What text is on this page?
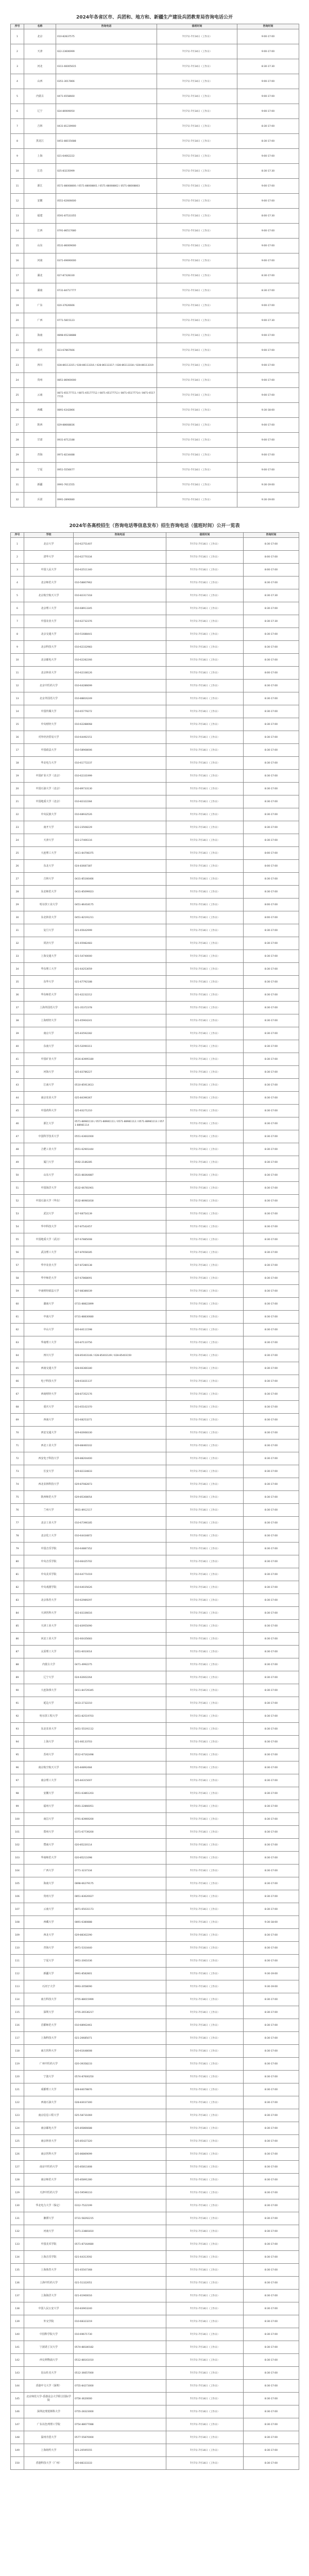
2024年各省区市、兵团和、地方和、新疆生产建设兵团教育局咨询电话公开
序号	名称	咨询电话	值班时间	咨询时间
1	北京	010-82837575	7月7日-7月14日（工作日）	9:00-17:00
2	天津	022-23606999	7月7日-7月14日（工作日）	9:00-17:00
3	河北	0311-66005615	7月7日-7月14日（工作日）	8:30-17:30
4	山西	0351-3017866	7月7日-7月14日（工作日）	9:00-17:00
5	内蒙古	0471-6558660	7月7日-7月14日（工作日）	9:00-17:00
6	辽宁	024-86909050	7月7日-7月14日（工作日）	9:00-17:00
7	吉林	0431-81239900	7月7日-7月14日（工作日）	8:30-17:00
8	黑龙江	0451-88155688	7月7日-7月14日（工作日）	8:30-17:00
9	上海	021-64662222	7月7日-7月14日（工作日）	9:00-17:00
10	江苏	025-83235999	7月7日-7月14日（工作日）	8:30-17:30
11	浙江	0571-88008800 / 0571-88008801 / 0571-88008802 / 0571-88008803	7月7日-7月14日（工作日）	9:00-17:00
12	安徽	0551-62606600	7月7日-7月14日（工作日）	9:00-17:00
13	福建	0591-87533355	7月7日-7月14日（工作日）	8:00-17:30
14	江西	0791-86517680	7月7日-7月14日（工作日）	9:00-17:00
15	山东	0531-86009000	7月7日-7月14日（工作日）	9:00-17:00
16	河南	0371-69690000	7月7日-7月14日（工作日）	9:00-17:00
17	湖北	027-87328330	7月7日-7月14日（工作日）	8:30-17:00
18	湖南	0731-84717777	7月7日-7月14日（工作日）	8:30-17:00
19	广东	020-37626666	7月7日-7月14日（工作日）	9:00-17:00
20	广西	0771-5815123	7月7日-7月14日（工作日）	9:00-17:30
21	海南	0898-65238888	7月7日-7月14日（工作日）	9:00-17:00
22	重庆	023-67867666	7月7日-7月14日（工作日）	9:00-17:00
23	四川	028-86113315 / 028-86113316 / 028-86113317 / 028-86113318 / 028-86113319	7月7日-7月14日（工作日）	9:00-17:00
24	贵州	0851-86900000	7月7日-7月14日（工作日）	9:00-17:00
25	云南	0871-65177711 / 0871-65177712 / 0871-65177713 / 0871-65177714 / 0871-65177715	7月7日-7月14日（工作日）	9:00-17:00
26	西藏	0891-6342866	7月7日-7月14日（工作日）	9:30-18:00
27	陕西	029-88668836	7月7日-7月14日（工作日）	9:00-17:00
28	甘肃	0931-8712188	7月7日-7月14日（工作日）	9:00-17:00
29	青海	0971-8234488	7月7日-7月14日（工作日）	9:00-17:00
30	宁夏	0951-5556677	7月7日-7月14日（工作日）	9:00-17:00
31	新疆	0991-7611555	7月7日-7月14日（工作日）	9:30-19:00
32	兵团	0991-2890680	7月7日-7月14日（工作日）	9:30-19:00
2024年各高校招生（咨询电话等信息发布）招生咨询电话（值班时间）公开一览表
序号	学校	咨询电话	值班时间	咨询时间
1	北京大学	010-62751407	7月7日-7月14日（工作日）	8:30-17:00
2	清华大学	010-62770334	7月7日-7月14日（工作日）	8:00-17:00
3	中国人民大学	010-62511340	7月7日-7月14日（工作日）	8:00-17:00
4	北京师范大学	010-58807962	7月7日-7月14日（工作日）	8:30-17:00
5	北京航空航天大学	010-82317318	7月7日-7月14日（工作日）	8:30-17:30
6	北京理工大学	010-68913345	7月7日-7月14日（工作日）	8:30-17:00
7	中国农业大学	010-62732376	7月7日-7月14日（工作日）	8:30-17:30
8	北京交通大学	010-51688441	7月7日-7月14日（工作日）	8:30-17:00
9	北京科技大学	010-62332983	7月7日-7月14日（工作日）	8:30-17:00
10	北京邮电大学	010-62282266	7月7日-7月14日（工作日）	8:30-17:00
11	北京林业大学	010-62338126	7月7日-7月14日（工作日）	8:00-17:00
12	北京中医药大学	010-64286699	7月7日-7月14日（工作日）	8:30-17:00
13	北京外国语大学	010-88816249	7月7日-7月14日（工作日）	8:30-17:00
14	中国传媒大学	010-65779272	7月7日-7月14日（工作日）	8:30-17:00
15	中央财经大学	010-62288068	7月7日-7月14日（工作日）	8:30-17:00
16	对外经济贸易大学	010-64492151	7月7日-7月14日（工作日）	8:30-17:00
17	中国政法大学	010-58908006	7月7日-7月14日（工作日）	8:30-17:00
18	华北电力大学	010-61772237	7月7日-7月14日（工作日）	8:30-17:00
19	中国矿业大学（北京）	010-62331999	7月7日-7月14日（工作日）	8:30-17:00
20	中国石油大学（北京）	010-89733130	7月7日-7月14日（工作日）	8:30-17:00
21	中国地质大学（北京）	010-82322284	7月7日-7月14日（工作日）	8:30-17:00
22	中央民族大学	010-68932526	7月7日-7月14日（工作日）	8:30-17:00
23	南开大学	022-23508229	7月7日-7月14日（工作日）	8:30-17:00
24	天津大学	022-27406116	7月7日-7月14日（工作日）	8:30-17:00
25	大连理工大学	0411-84708375	7月7日-7月14日（工作日）	8:00-17:00
26	东北大学	024-83687387	7月7日-7月14日（工作日）	8:00-17:00
27	吉林大学	0431-85166466	7月7日-7月14日（工作日）	8:30-17:00
28	东北师范大学	0431-85099023	7月7日-7月14日（工作日）	8:30-17:00
29	哈尔滨工业大学	0451-86418175	7月7日-7月14日（工作日）	8:00-17:00
30	东北林业大学	0451-82191211	7月7日-7月14日（工作日）	8:00-17:00
31	复旦大学	021-65642999	7月7日-7月14日（工作日）	8:30-17:00
32	同济大学	021-65982483	7月7日-7月14日（工作日）	8:30-17:00
33	上海交通大学	021-54740000	7月7日-7月14日（工作日）	8:30-17:00
34	华东理工大学	021-64253059	7月7日-7月14日（工作日）	8:30-17:00
35	东华大学	021-67792188	7月7日-7月14日（工作日）	8:30-17:00
36	华东师范大学	021-62232212	7月7日-7月14日（工作日）	8:30-17:00
37	上海外国语大学	021-35372378	7月7日-7月14日（工作日）	8:30-17:00
38	上海财经大学	021-65904241	7月7日-7月14日（工作日）	8:30-17:00
39	南京大学	025-83592282	7月7日-7月14日（工作日）	8:30-17:00
40	东南大学	025-52090311	7月7日-7月14日（工作日）	8:30-17:00
41	中国矿业大学	0516-83995180	7月7日-7月14日（工作日）	8:30-17:00
42	河海大学	025-83786227	7月7日-7月14日（工作日）	8:30-17:00
43	江南大学	0510-85913613	7月7日-7月14日（工作日）	8:30-17:00
44	南京农业大学	025-84396367	7月7日-7月14日（工作日）	8:30-17:00
45	中国药科大学	025-83271210	7月7日-7月14日（工作日）	8:30-17:00
46	浙江大学	0571-88981110 / 0571-88981111 / 0571-88981112 / 0571-88981113 / 0571-88981114	7月7日-7月14日（工作日）	8:30-17:00
47	中国科学技术大学	0551-63602000	7月7日-7月14日（工作日）	8:30-17:00
48	合肥工业大学	0551-62901444	7月7日-7月14日（工作日）	8:30-17:00
49	厦门大学	0592-2186285	7月7日-7月14日（工作日）	8:30-17:00
50	山东大学	0531-88364887	7月7日-7月14日（工作日）	8:30-17:00
51	中国海洋大学	0532-66781901	7月7日-7月14日（工作日）	8:30-17:00
52	中国石油大学（华东）	0532-86981818	7月7日-7月14日（工作日）	8:30-17:00
53	武汉大学	027-68754139	7月7日-7月14日（工作日）	8:30-17:00
54	华中科技大学	027-87542457	7月7日-7月14日（工作日）	8:30-17:00
55	中国地质大学（武汉）	027-67885008	7月7日-7月14日（工作日）	8:30-17:00
56	武汉理工大学	027-87658185	7月7日-7月14日（工作日）	8:30-17:00
57	华中农业大学	027-87280138	7月7日-7月14日（工作日）	8:30-17:00
58	华中师范大学	027-67868091	7月7日-7月14日（工作日）	8:30-17:00
59	中南财经政法大学	027-88386039	7月7日-7月14日（工作日）	8:30-17:00
60	湖南大学	0731-88822899	7月7日-7月14日（工作日）	8:30-17:00
61	中南大学	0731-88830680	7月7日-7月14日（工作日）	8:30-17:00
62	中山大学	020-84111598	7月7日-7月14日（工作日）	8:30-17:00
63	华南理工大学	020-87110756	7月7日-7月14日（工作日）	8:30-17:00
64	四川大学	028-85403148 / 028-85403149 / 028-85403150	7月7日-7月14日（工作日）	8:30-17:00
65	西南交通大学	028-66366180	7月7日-7月14日（工作日）	8:30-17:00
66	电子科技大学	028-61831137	7月7日-7月14日（工作日）	8:30-17:00
67	西南财经大学	028-87352176	7月7日-7月14日（工作日）	8:30-17:00
68	重庆大学	023-65102370	7月7日-7月14日（工作日）	8:30-17:00
69	西南大学	023-68253271	7月7日-7月14日（工作日）	8:30-17:00
70	西安交通大学	029-82668330	7月7日-7月14日（工作日）	8:30-17:00
71	西北工业大学	029-88460102	7月7日-7月14日（工作日）	8:30-17:00
72	西安电子科技大学	029-88204400	7月7日-7月14日（工作日）	8:30-17:00
73	长安大学	029-82334833	7月7日-7月14日（工作日）	8:30-17:00
74	西北农林科技大学	029-87082873	7月7日-7月14日（工作日）	8:30-17:00
75	陕西师范大学	029-85308054	7月7日-7月14日（工作日）	8:30-17:00
76	兰州大学	0931-8912117	7月7日-7月14日（工作日）	8:30-17:00
77	北京工业大学	010-67396185	7月7日-7月14日（工作日）	8:30-17:00
78	北京化工大学	010-64434872	7月7日-7月14日（工作日）	8:30-17:00
79	中国音乐学院	010-64887352	7月7日-7月14日（工作日）	8:30-17:00
80	中央音乐学院	010-66425702	7月7日-7月14日（工作日）	8:30-17:00
81	中央美术学院	010-64771019	7月7日-7月14日（工作日）	8:30-17:00
82	中央戏剧学院	010-64035626	7月7日-7月14日（工作日）	8:30-17:00
83	北京体育大学	010-62989297	7月7日-7月14日（工作日）	8:30-17:00
84	天津医科大学	022-83336616	7月7日-7月14日（工作日）	8:30-17:00
85	天津工业大学	022-83955090	7月7日-7月14日（工作日）	8:30-17:00
86	河北工业大学	022-60435683	7月7日-7月14日（工作日）	8:30-17:00
87	太原理工大学	0351-6010014	7月7日-7月14日（工作日）	8:30-17:00
88	内蒙古大学	0471-4992275	7月7日-7月14日（工作日）	8:30-17:00
89	辽宁大学	024-62602264	7月7日-7月14日（工作日）	8:30-17:00
90	大连海事大学	0411-84729345	7月7日-7月14日（工作日）	8:30-17:00
91	延边大学	0433-2732210	7月7日-7月14日（工作日）	8:30-17:00
92	哈尔滨工程大学	0451-82519703	7月7日-7月14日（工作日）	8:30-17:00
93	东北农业大学	0451-55191112	7月7日-7月14日（工作日）	8:30-17:00
94	上海大学	021-66133703	7月7日-7月14日（工作日）	8:30-17:00
95	苏州大学	0512-67162498	7月7日-7月14日（工作日）	8:30-17:00
96	南京航空航天大学	025-84892484	7月7日-7月14日（工作日）	8:30-17:00
97	南京理工大学	025-84315007	7月7日-7月14日（工作日）	8:30-17:00
98	安徽大学	0551-63861203	7月7日-7月14日（工作日）	8:30-17:00
99	福州大学	0591-22866051	7月7日-7月14日（工作日）	8:30-17:00
100	南昌大学	0791-83969200	7月7日-7月14日（工作日）	8:30-17:00
101	郑州大学	0371-67739200	7月7日-7月14日（工作日）	8:30-17:00
102	暨南大学	020-85220114	7月7日-7月14日（工作日）	8:30-17:00
103	华南师范大学	020-85211098	7月7日-7月14日（工作日）	8:30-17:00
104	广西大学	0771-3237334	7月7日-7月14日（工作日）	8:30-17:00
105	海南大学	0898-66279175	7月7日-7月14日（工作日）	8:30-17:00
106	贵州大学	0851-83620027	7月7日-7月14日（工作日）	8:30-17:00
107	云南大学	0871-65031173	7月7日-7月14日（工作日）	8:30-17:00
108	西藏大学	0891-6380888	7月7日-7月14日（工作日）	9:30-18:00
109	西北大学	029-88302290	7月7日-7月14日（工作日）	8:30-17:00
110	青海大学	0971-5310440	7月7日-7月14日（工作日）	8:30-17:00
111	宁夏大学	0951-2061036	7月7日-7月14日（工作日）	8:30-17:00
112	新疆大学	0991-8582801	7月7日-7月14日（工作日）	9:30-19:00
113	石河子大学	0993-2058090	7月7日-7月14日（工作日）	9:30-19:00
114	南方科技大学	0755-88015999	7月7日-7月14日（工作日）	8:30-17:00
115	深圳大学	0755-26536217	7月7日-7月14日（工作日）	8:30-17:00
116	首都师范大学	010-68902461	7月7日-7月14日（工作日）	8:30-17:00
117	上海科技大学	021-20685071	7月7日-7月14日（工作日）	8:30-17:00
118	南方医科大学	020-61648008	7月7日-7月14日（工作日）	8:30-17:00
119	广州中医药大学	020-39358233	7月7日-7月14日（工作日）	8:30-17:00
120	宁波大学	0574-87600250	7月7日-7月14日（工作日）	8:30-17:00
121	成都理工大学	028-84078876	7月7日-7月14日（工作日）	8:30-17:00
122	西南石油大学	028-83037300	7月7日-7月14日（工作日）	8:30-17:00
123	南京信息工程大学	025-58731069	7月7日-7月14日（工作日）	8:30-17:00
124	南京邮电大学	025-85866688	7月7日-7月14日（工作日）	8:30-17:00
125	南京林业大学	025-85427320	7月7日-7月14日（工作日）	8:30-17:00
126	南京医科大学	025-86869099	7月7日-7月14日（工作日）	8:30-17:00
127	南京中医药大学	025-85811808	7月7日-7月14日（工作日）	8:30-17:00
128	南京师范大学	025-85891280	7月7日-7月14日（工作日）	8:30-17:00
129	天津中医药大学	022-59596110	7月7日-7月14日（工作日）	8:30-17:00
130	华北电力大学（保定）	0312-7522199	7月7日-7月14日（工作日）	8:30-17:00
131	湘潭大学	0731-58292215	7月7日-7月14日（工作日）	8:30-17:00
132	河南大学	0371-23881810	7月7日-7月14日（工作日）	8:30-17:00
133	中国美术学院	0571-87164680	7月7日-7月14日（工作日）	8:30-17:00
134	上海音乐学院	021-64313592	7月7日-7月14日（工作日）	8:30-17:00
135	上海体育大学	021-65507368	7月7日-7月14日（工作日）	8:30-17:00
136	上海中医药大学	021-51322051	7月7日-7月14日（工作日）	8:30-17:00
137	上海海洋大学	021-61900016	7月7日-7月14日（工作日）	8:30-17:00
138	中国人民公安大学	010-83903240	7月7日-7月14日（工作日）	8:30-17:00
139	外交学院	010-68323219	7月7日-7月14日（工作日）	8:30-17:00
140	中国科学院大学	010-69671730	7月7日-7月14日（工作日）	8:30-17:00
141	宁波诺丁汉大学	0574-88180182	7月7日-7月14日（工作日）	8:30-17:00
142	西交利物浦大学	0512-88161010	7月7日-7月14日（工作日）	8:30-17:00
143	昆山杜克大学	0512-36657000	7月7日-7月14日（工作日）	8:30-17:00
144	香港中文大学（深圳）	0755-84273000	7月7日-7月14日（工作日）	8:30-17:00
145	北京师范大学-香港浸会大学联合国际学院	0756-3620000	7月7日-7月14日（工作日）	8:30-17:00
146	深圳北理莫斯科大学	0755-28323000	7月7日-7月14日（工作日）	8:30-17:00
147	广东以色列理工学院	0754-88077088	7月7日-7月14日（工作日）	8:30-17:00
148	温州肯恩大学	0577-55870000	7月7日-7月14日（工作日）	8:30-17:00
149	上海纽约大学	021-20595555	7月7日-7月14日（工作日）	8:30-17:00
150	香港科技大学（广州）	020-88333333	7月7日-7月14日（工作日）	8:30-17:00
